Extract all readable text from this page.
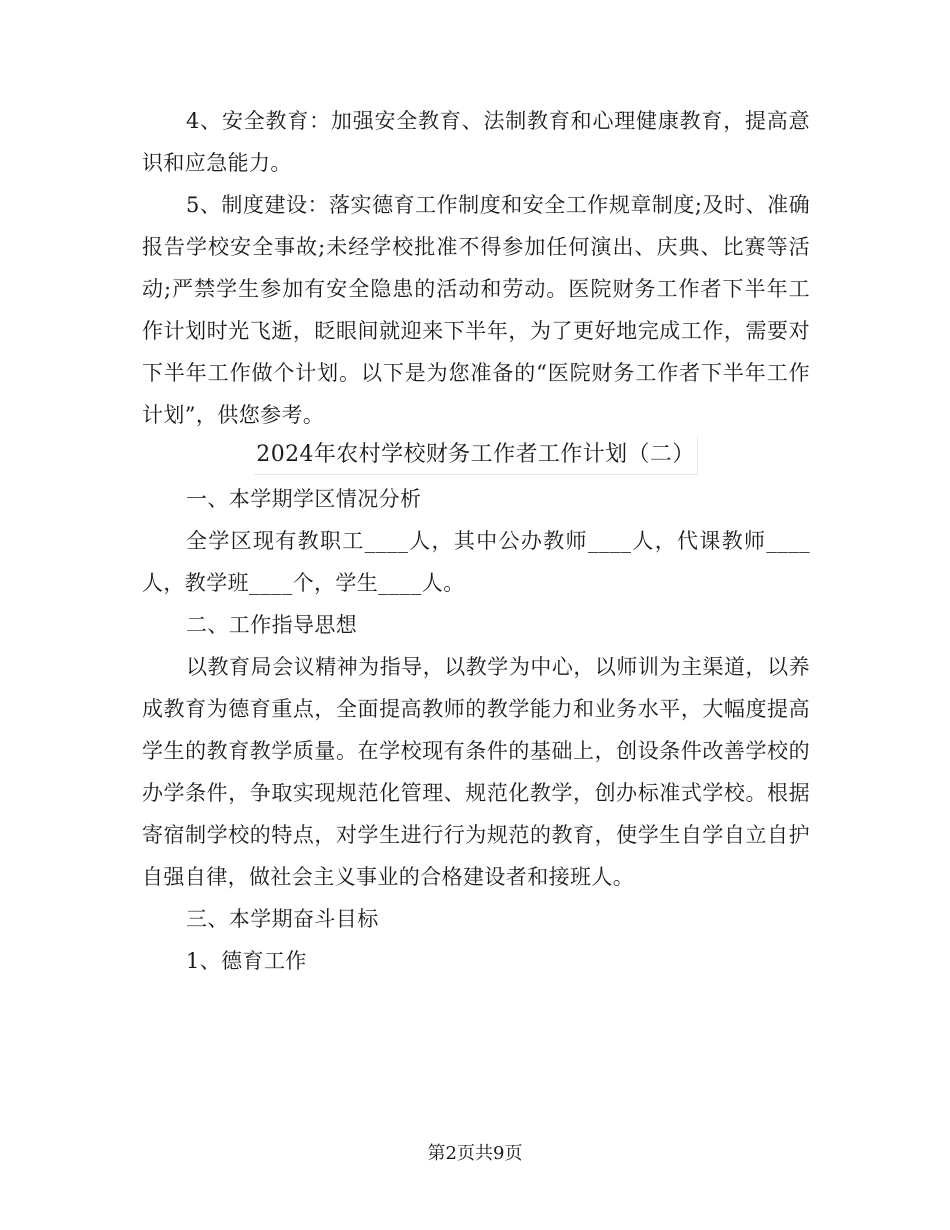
4、安全教育：加强安全教育、法制教育和心理健康教育，提高意识和应急能力。

5、制度建设：落实德育工作制度和安全工作规章制度;及时、准确报告学校安全事故;未经学校批准不得参加任何演出、庆典、比赛等活动;严禁学生参加有安全隐患的活动和劳动。医院财务工作者下半年工作计划时光飞逝，眨眼间就迎来下半年，为了更好地完成工作，需要对下半年工作做个计划。以下是为您准备的“医院财务工作者下半年工作计划”，供您参考。

2024年农村学校财务工作者工作计划（二）

一、本学期学区情况分析

全学区现有教职工____人，其中公办教师____人，代课教师____人，教学班____个，学生____人。

二、工作指导思想

以教育局会议精神为指导，以教学为中心，以师训为主渠道，以养成教育为德育重点，全面提高教师的教学能力和业务水平，大幅度提高学生的教育教学质量。在学校现有条件的基础上，创设条件改善学校的办学条件，争取实现规范化管理、规范化教学，创办标准式学校。根据寄宿制学校的特点，对学生进行行为规范的教育，使学生自学自立自护自强自律，做社会主义事业的合格建设者和接班人。

三、本学期奋斗目标

1、德育工作

第2页共9页
